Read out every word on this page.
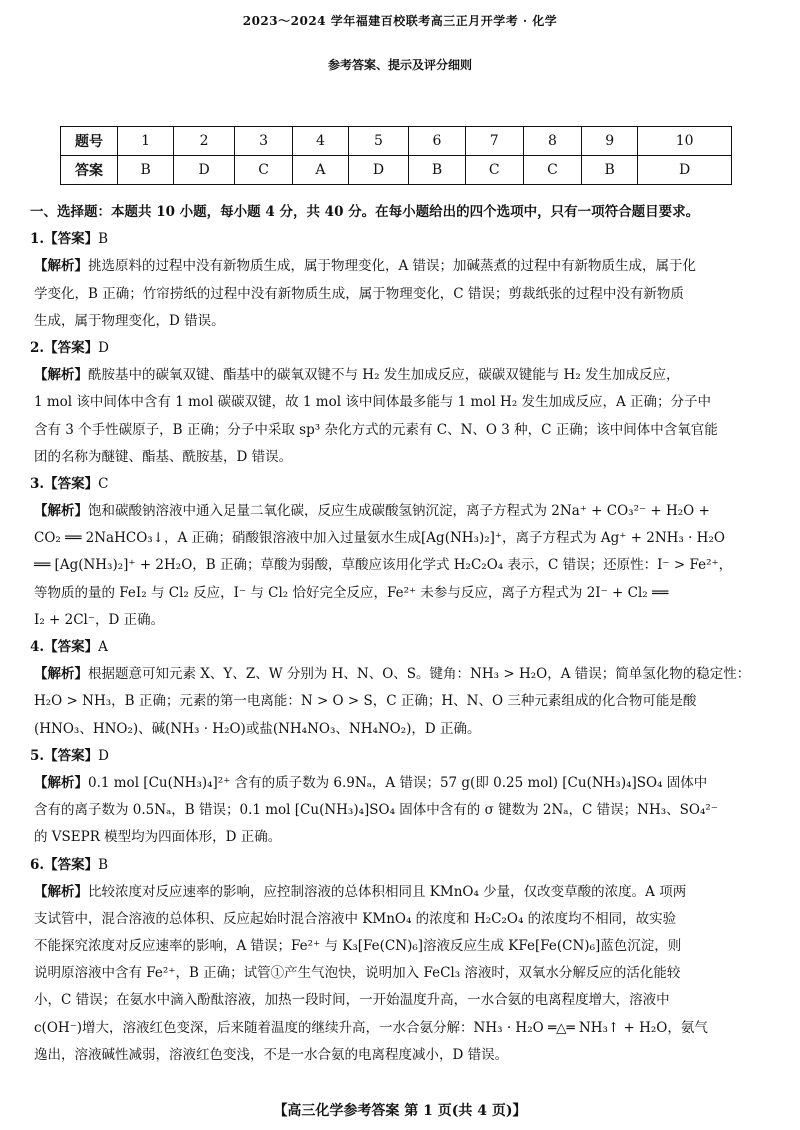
2023～2024 学年福建百校联考高三正月开学考 · 化学
参考答案、提示及评分细则
题号	1	2	3	4	5	6	7	8	9	10
答案	B	D	C	A	D	B	C	C	B	D
一、选择题：本题共 10 小题，每小题 4 分，共 40 分。在每小题给出的四个选项中，只有一项符合题目要求。
1.【答案】B
【解析】挑选原料的过程中没有新物质生成，属于物理变化，A 错误；加碱蒸煮的过程中有新物质生成，属于化
学变化，B 正确；竹帘捞纸的过程中没有新物质生成，属于物理变化，C 错误；剪裁纸张的过程中没有新物质
生成，属于物理变化，D 错误。
2.【答案】D
【解析】酰胺基中的碳氧双键、酯基中的碳氧双键不与 H₂ 发生加成反应，碳碳双键能与 H₂ 发生加成反应，
1 mol 该中间体中含有 1 mol 碳碳双键，故 1 mol 该中间体最多能与 1 mol H₂ 发生加成反应，A 正确；分子中
含有 3 个手性碳原子，B 正确；分子中采取 sp³ 杂化方式的元素有 C、N、O 3 种，C 正确；该中间体中含氧官能
团的名称为醚键、酯基、酰胺基，D 错误。
3.【答案】C
【解析】饱和碳酸钠溶液中通入足量二氧化碳，反应生成碳酸氢钠沉淀，离子方程式为 2Na⁺ + CO₃²⁻ + H₂O +
CO₂ ══ 2NaHCO₃↓，A 正确；硝酸银溶液中加入过量氨水生成[Ag(NH₃)₂]⁺，离子方程式为 Ag⁺ + 2NH₃ · H₂O
══ [Ag(NH₃)₂]⁺ + 2H₂O，B 正确；草酸为弱酸，草酸应该用化学式 H₂C₂O₄ 表示，C 错误；还原性：I⁻ > Fe²⁺，
等物质的量的 FeI₂ 与 Cl₂ 反应，I⁻ 与 Cl₂ 恰好完全反应，Fe²⁺ 未参与反应，离子方程式为 2I⁻ + Cl₂ ══
I₂ + 2Cl⁻，D 正确。
4.【答案】A
【解析】根据题意可知元素 X、Y、Z、W 分别为 H、N、O、S。键角：NH₃ > H₂O，A 错误；简单氢化物的稳定性：
H₂O > NH₃，B 正确；元素的第一电离能：N > O > S，C 正确；H、N、O 三种元素组成的化合物可能是酸
(HNO₃、HNO₂)、碱(NH₃ · H₂O)或盐(NH₄NO₃、NH₄NO₂)，D 正确。
5.【答案】D
【解析】0.1 mol [Cu(NH₃)₄]²⁺ 含有的质子数为 6.9Nₐ，A 错误；57 g(即 0.25 mol) [Cu(NH₃)₄]SO₄ 固体中
含有的离子数为 0.5Nₐ，B 错误；0.1 mol [Cu(NH₃)₄]SO₄ 固体中含有的 σ 键数为 2Nₐ，C 错误；NH₃、SO₄²⁻
的 VSEPR 模型均为四面体形，D 正确。
6.【答案】B
【解析】比较浓度对反应速率的影响，应控制溶液的总体积相同且 KMnO₄ 少量，仅改变草酸的浓度。A 项两
支试管中，混合溶液的总体积、反应起始时混合溶液中 KMnO₄ 的浓度和 H₂C₂O₄ 的浓度均不相同，故实验
不能探究浓度对反应速率的影响，A 错误；Fe²⁺ 与 K₃[Fe(CN)₆]溶液反应生成 KFe[Fe(CN)₆]蓝色沉淀，则
说明原溶液中含有 Fe²⁺，B 正确；试管①产生气泡快，说明加入 FeCl₃ 溶液时，双氧水分解反应的活化能较
小，C 错误；在氨水中滴入酚酞溶液，加热一段时间，一开始温度升高，一水合氨的电离程度增大，溶液中
c(OH⁻)增大，溶液红色变深，后来随着温度的继续升高，一水合氨分解：NH₃ · H₂O ═△═ NH₃↑ + H₂O，氨气
逸出，溶液碱性减弱，溶液红色变浅，不是一水合氨的电离程度减小，D 错误。
【高三化学参考答案 第 1 页(共 4 页)】
